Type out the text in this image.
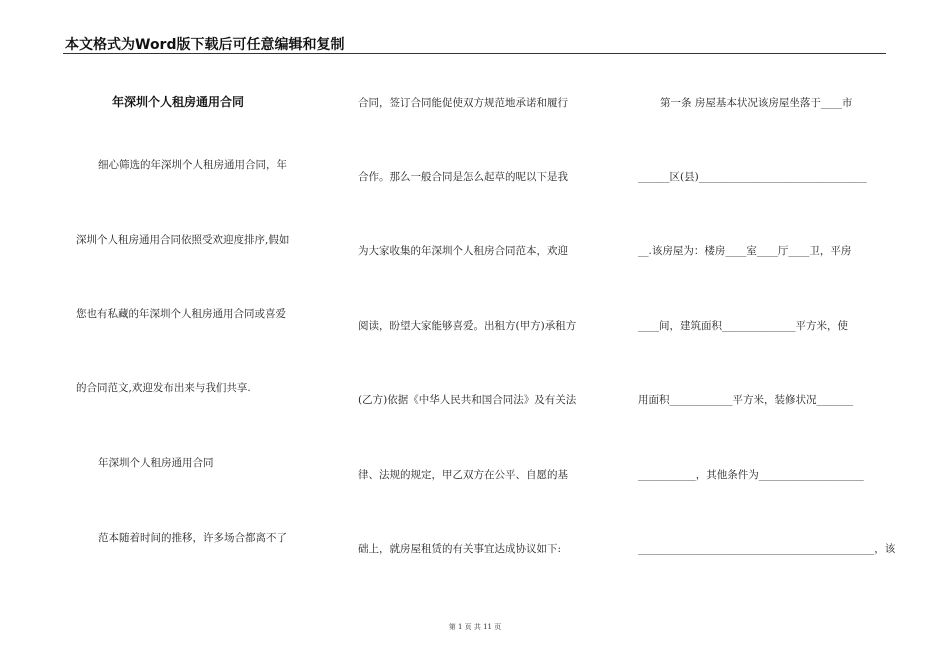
本文格式为Word版下载后可任意编辑和复制
年深圳个人租房通用合同
细心筛选的年深圳个人租房通用合同，年
深圳个人租房通用合同依照受欢迎度排序,假如
您也有私藏的年深圳个人租房通用合同或喜爱
的合同范文,欢迎发布出来与我们共享.
年深圳个人租房通用合同
范本随着时间的推移，许多场合都离不了
合同，签订合同能促使双方规范地承诺和履行
合作。那么一般合同是怎么起草的呢以下是我
为大家收集的年深圳个人租房合同范本，欢迎
阅读，盼望大家能够喜爱。出租方(甲方)承租方
(乙方)依据《中华人民共和国合同法》及有关法
律、法规的规定，甲乙双方在公平、自愿的基
础上，就房屋租赁的有关事宜达成协议如下:
第一条 房屋基本状况该房屋坐落于____市
______区(县)________________________________
__.该房屋为：楼房____室____厅____卫，平房
____间，建筑面积______________平方米，使
用面积____________平方米，装修状况_______
___________，其他条件为____________________
_____________________________________________，该
第 1 页 共 11 页
